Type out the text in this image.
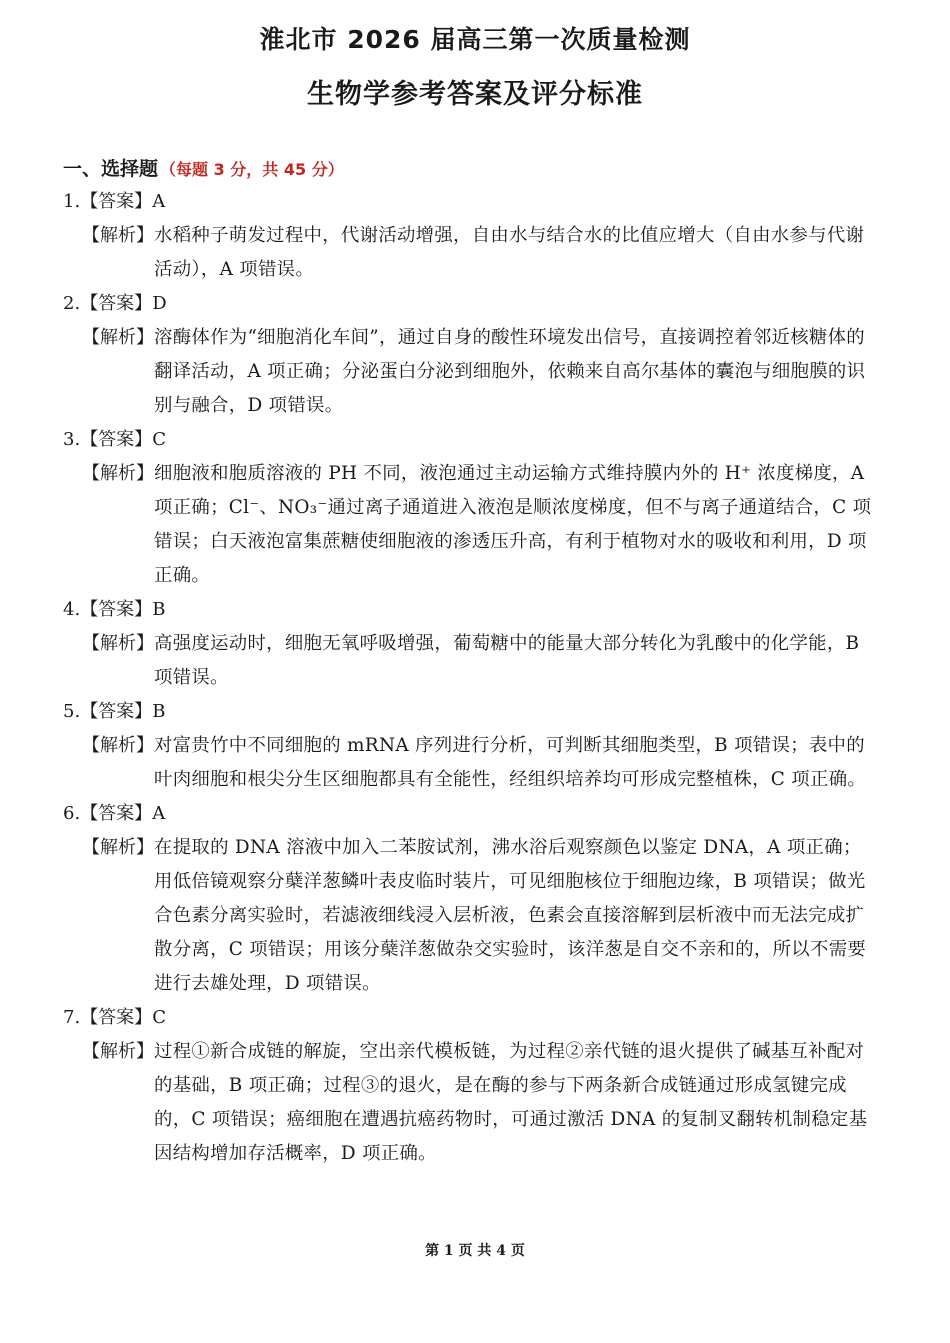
淮北市 2026 届高三第一次质量检测
生物学参考答案及评分标准
一、选择题 （每题 3 分，共 45 分）
1.【答案】A
【解析】 水稻种子萌发过程中，代谢活动增强，自由水与结合水的比值应增大（自由水参与代谢活动），A 项错误。

2.【答案】D
【解析】 溶酶体作为“细胞消化车间”，通过自身的酸性环境发出信号，直接调控着邻近核糖体的翻译活动，A 项正确；分泌蛋白分泌到细胞外，依赖来自高尔基体的囊泡与细胞膜的识别与融合，D 项错误。

3.【答案】C
【解析】 细胞液和胞质溶液的 PH 不同，液泡通过主动运输方式维持膜内外的 H⁺ 浓度梯度，A 项正确；Cl⁻、NO₃⁻通过离子通道进入液泡是顺浓度梯度，但不与离子通道结合，C 项错误；白天液泡富集蔗糖使细胞液的渗透压升高，有利于植物对水的吸收和利用，D 项正确。

4.【答案】B
【解析】 高强度运动时，细胞无氧呼吸增强，葡萄糖中的能量大部分转化为乳酸中的化学能，B 项错误。

5.【答案】B
【解析】 对富贵竹中不同细胞的 mRNA 序列进行分析，可判断其细胞类型，B 项错误；表中的叶肉细胞和根尖分生区细胞都具有全能性，经组织培养均可形成完整植株，C 项正确。

6.【答案】A
【解析】 在提取的 DNA 溶液中加入二苯胺试剂，沸水浴后观察颜色以鉴定 DNA，A 项正确；用低倍镜观察分蘖洋葱鳞叶表皮临时装片，可见细胞核位于细胞边缘，B 项错误；做光合色素分离实验时，若滤液细线浸入层析液，色素会直接溶解到层析液中而无法完成扩散分离，C 项错误；用该分蘖洋葱做杂交实验时，该洋葱是自交不亲和的，所以不需要进行去雄处理，D 项错误。

7.【答案】C
【解析】 过程①新合成链的解旋，空出亲代模板链，为过程②亲代链的退火提供了碱基互补配对的基础，B 项正确；过程③的退火，是在酶的参与下两条新合成链通过形成氢键完成的，C 项错误；癌细胞在遭遇抗癌药物时，可通过激活 DNA 的复制叉翻转机制稳定基因结构增加存活概率，D 项正确。

第 1 页 共 4 页
